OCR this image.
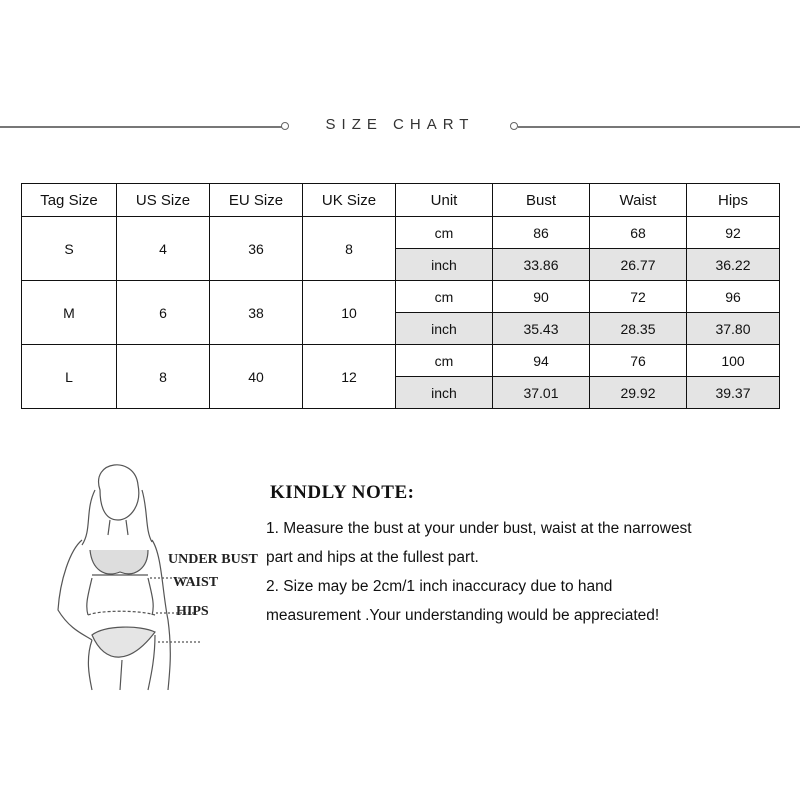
SIZE CHART
Tag Size	US Size	EU Size	UK Size	Unit	Bust	Waist	Hips
S	4	36	8	cm	86	68	92
				inch	33.86	26.77	36.22
M	6	38	10	cm	90	72	96
				inch	35.43	28.35	37.80
L	8	40	12	cm	94	76	100
				inch	37.01	29.92	39.37
UNDER BUST
WAIST
HIPS
KINDLY NOTE:

1. Measure the bust at your under bust, waist at the narrowest

part and hips at the fullest part.

2. Size may be 2cm/1 inch inaccuracy due to hand

measurement .Your understanding would be appreciated!
